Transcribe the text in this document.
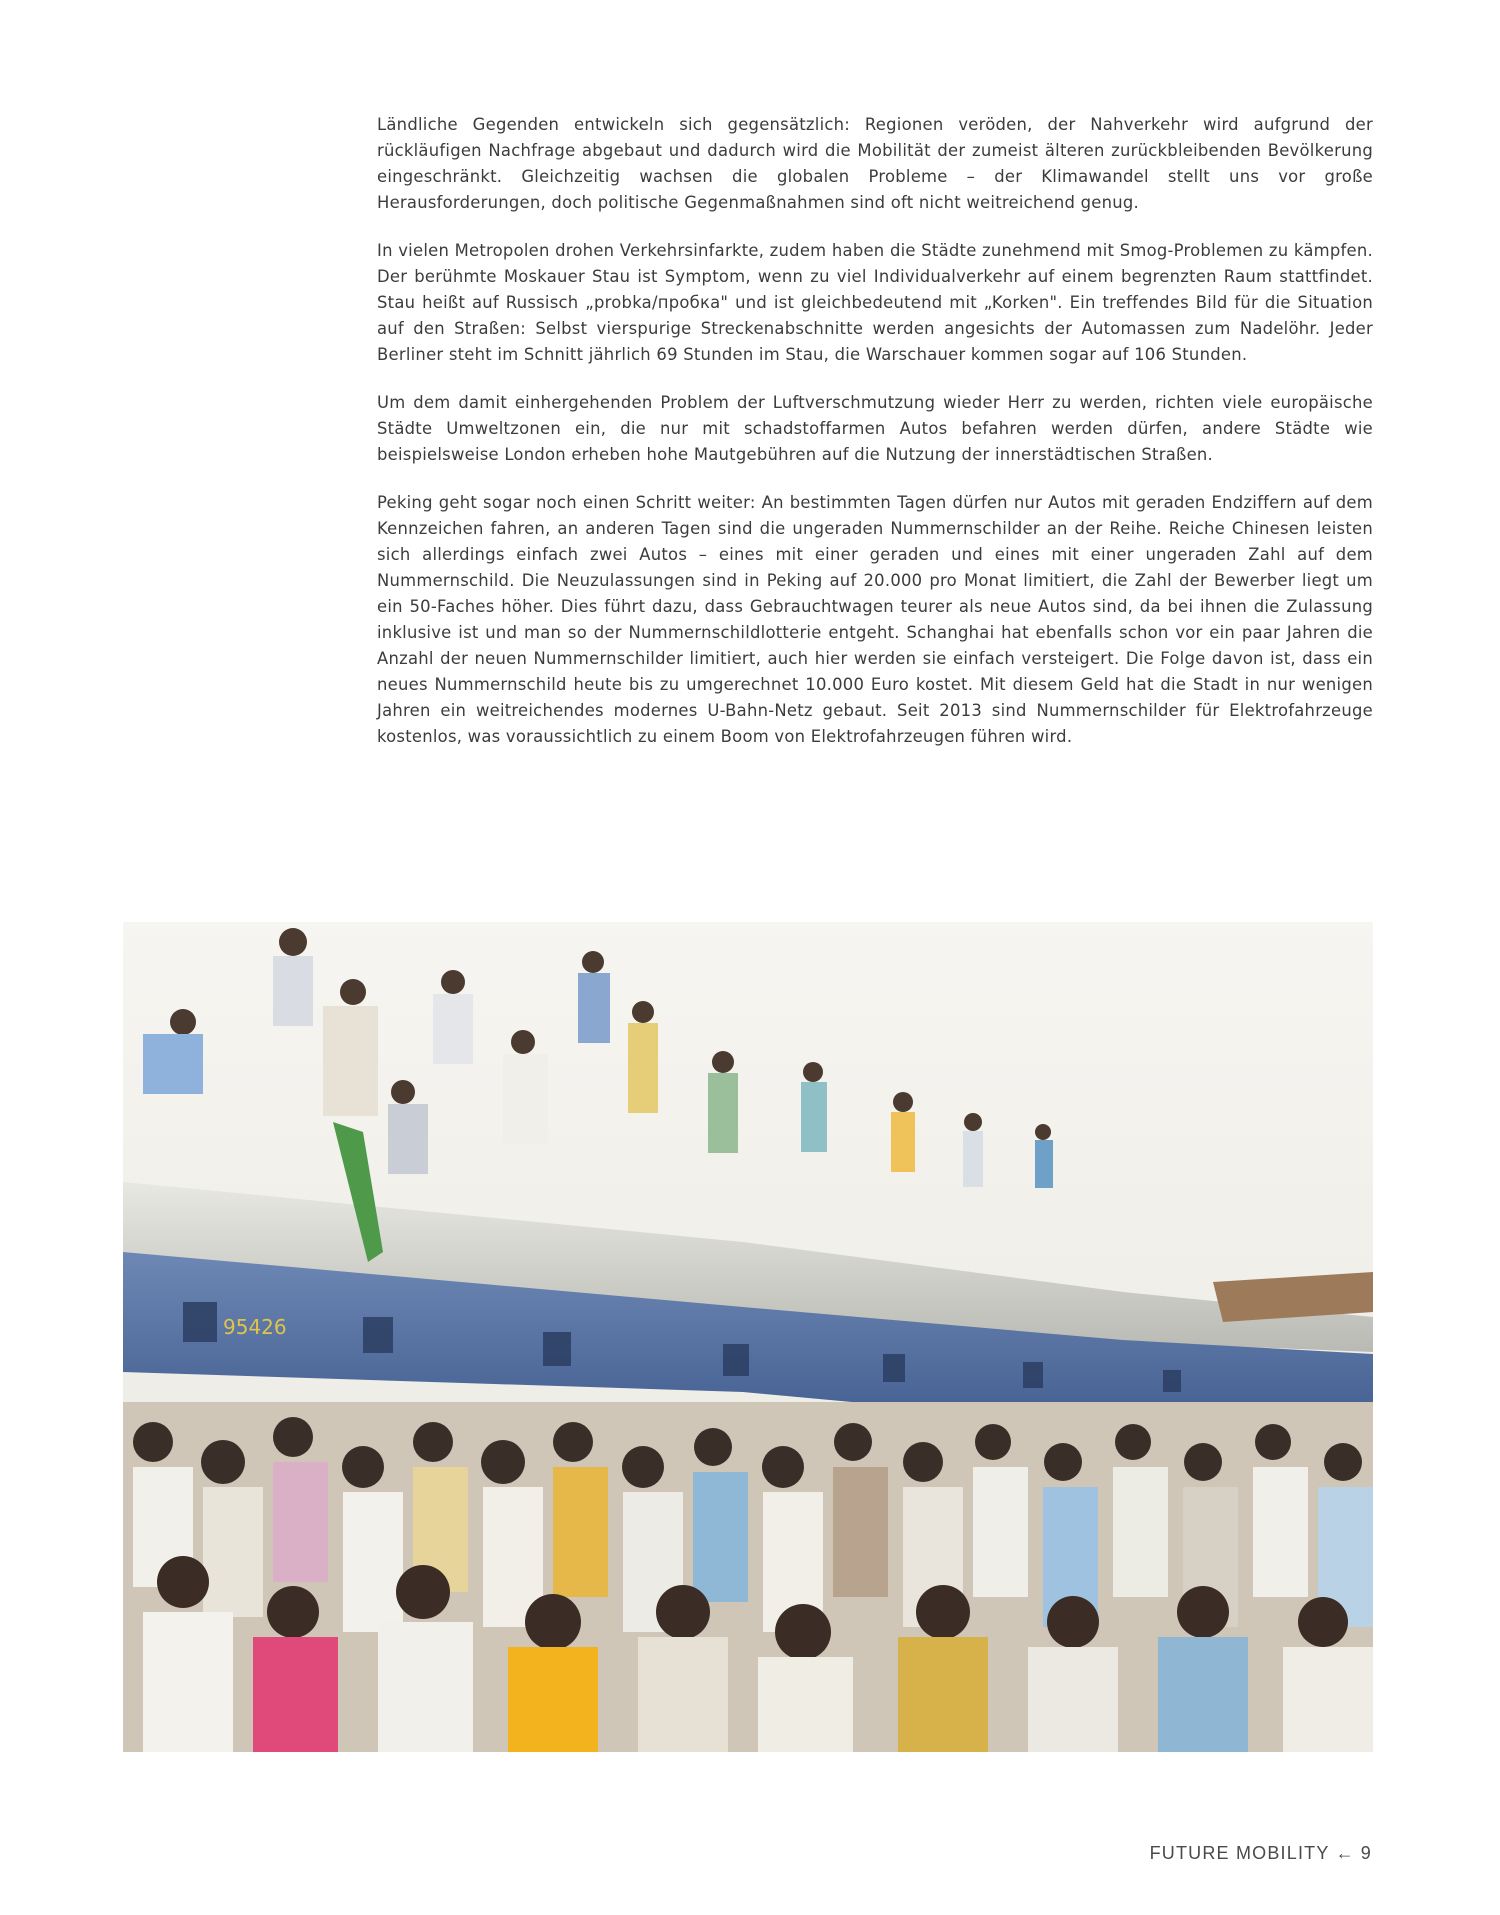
Ländliche Gegenden entwickeln sich gegensätzlich: Regionen veröden, der Nahverkehr wird aufgrund der rückläufigen Nachfrage abgebaut und dadurch wird die Mobilität der zumeist älteren zurückbleibenden Bevölkerung eingeschränkt. Gleichzeitig wachsen die globalen Probleme – der Klimawandel stellt uns vor große Herausforderungen, doch politische Gegenmaßnahmen sind oft nicht weitreichend genug.

In vielen Metropolen drohen Verkehrsinfarkte, zudem haben die Städte zunehmend mit Smog-Problemen zu kämpfen. Der berühmte Moskauer Stau ist Symptom, wenn zu viel Individualverkehr auf einem begrenzten Raum stattfindet. Stau heißt auf Russisch „probka/пробка" und ist gleichbedeutend mit „Korken". Ein treffendes Bild für die Situation auf den Straßen: Selbst vierspurige Streckenabschnitte werden angesichts der Automassen zum Nadelöhr. Jeder Berliner steht im Schnitt jährlich 69 Stunden im Stau, die Warschauer kommen sogar auf 106 Stunden.

Um dem damit einhergehenden Problem der Luftverschmutzung wieder Herr zu werden, richten viele europäische Städte Umweltzonen ein, die nur mit schadstoffarmen Autos befahren werden dürfen, andere Städte wie beispielsweise London erheben hohe Mautgebühren auf die Nutzung der innerstädtischen Straßen.

Peking geht sogar noch einen Schritt weiter: An bestimmten Tagen dürfen nur Autos mit geraden Endziffern auf dem Kennzeichen fahren, an anderen Tagen sind die ungeraden Nummernschilder an der Reihe. Reiche Chinesen leisten sich allerdings einfach zwei Autos – eines mit einer geraden und eines mit einer ungeraden Zahl auf dem Nummernschild. Die Neuzulassungen sind in Peking auf 20.000 pro Monat limitiert, die Zahl der Bewerber liegt um ein 50-Faches höher. Dies führt dazu, dass Gebrauchtwagen teurer als neue Autos sind, da bei ihnen die Zulassung inklusive ist und man so der Nummernschildlotterie entgeht. Schanghai hat ebenfalls schon vor ein paar Jahren die Anzahl der neuen Nummernschilder limitiert, auch hier werden sie einfach versteigert. Die Folge davon ist, dass ein neues Nummernschild heute bis zu umgerechnet 10.000 Euro kostet. Mit diesem Geld hat die Stadt in nur wenigen Jahren ein weitreichendes modernes U-Bahn-Netz gebaut. Seit 2013 sind Nummernschilder für Elektrofahrzeuge kostenlos, was voraussichtlich zu einem Boom von Elektrofahrzeugen führen wird.

95426
FUTURE MOBILITY ← 9
